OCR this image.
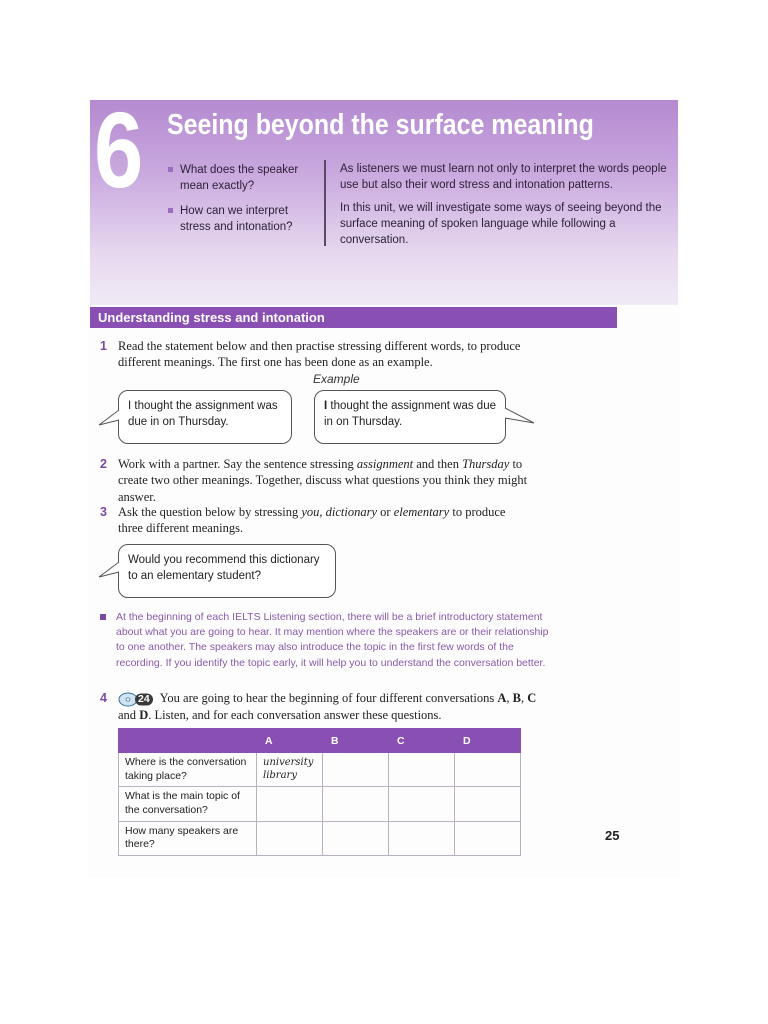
6 Seeing beyond the surface meaning
What does the speaker mean exactly?
How can we interpret stress and intonation?

As listeners we must learn not only to interpret the words people use but also their word stress and intonation patterns.

In this unit, we will investigate some ways of seeing beyond the surface meaning of spoken language while following a conversation.

Understanding stress and intonation
1 Read the statement below and then practise stressing different words, to produce different meanings. The first one has been done as an example.
Example
I thought the assignment was due in on Thursday.
I thought the assignment was due in on Thursday.
2 Work with a partner. Say the sentence stressing assignment and then Thursday to create two other meanings. Together, discuss what questions you think they might answer.
3 Ask the question below by stressing you, dictionary or elementary to produce three different meanings.
Would you recommend this dictionary to an elementary student?
At the beginning of each IELTS Listening section, there will be a brief introductory statement about what you are going to hear. It may mention where the speakers are or their relationship to one another. The speakers may also introduce the topic in the first few words of the recording. If you identify the topic early, it will help you to understand the conversation better.
4	24 You are going to hear the beginning of four different conversations A, B, C and D. Listen, and for each conversation answer these questions.
	A	B	C	D
Where is the conversation taking place?	university library			
What is the main topic of the conversation?				
How many speakers are there?				
25
